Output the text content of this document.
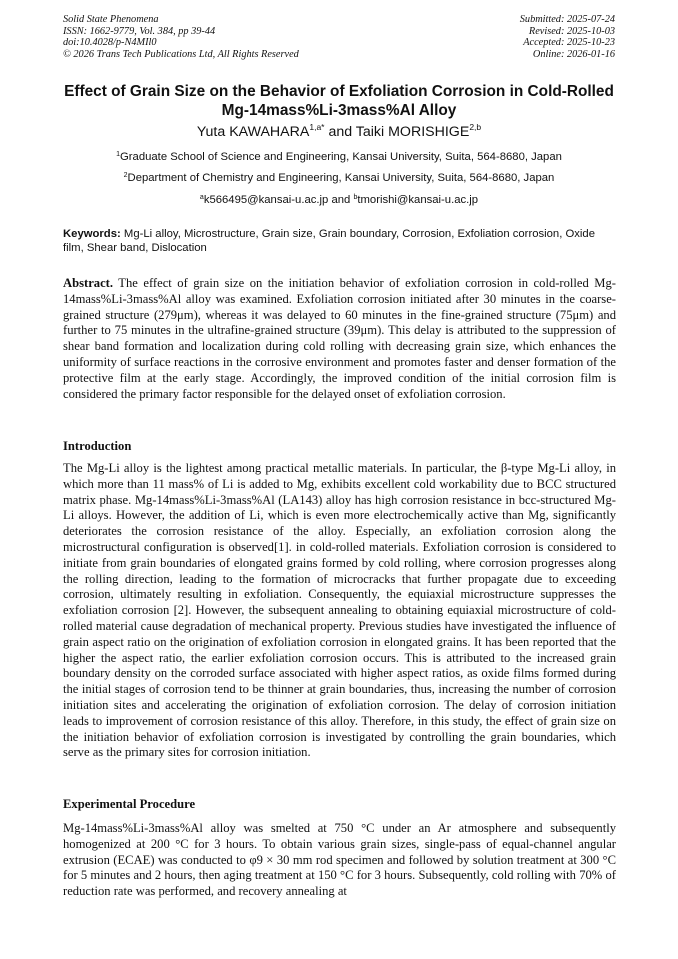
Solid State Phenomena
ISSN: 1662-9779, Vol. 384, pp 39-44
doi:10.4028/p-N4MIl0
© 2026 Trans Tech Publications Ltd, All Rights Reserved
Submitted: 2025-07-24
Revised: 2025-10-03
Accepted: 2025-10-23
Online: 2026-01-16
Effect of Grain Size on the Behavior of Exfoliation Corrosion in Cold-Rolled Mg-14mass%Li-3mass%Al Alloy
Yuta $KAWAHARA^{1,a*}$ and Taiki MORISHIGE$^{2,b}$
$^1$Graduate School of Science and Engineering, Kansai University, Suita, 564-8680, Japan
$^2$Department of Chemistry and Engineering, Kansai University, Suita, 564-8680, Japan
$^a$k566495@kansai-u.ac.jp and $^b$tmorishi@kansai-u.ac.jp
Keywords: Mg-Li alloy, Microstructure, Grain size, Grain boundary, Corrosion, Exfoliation corrosion, Oxide film, Shear band, Dislocation
Abstract. The effect of grain size on the initiation behavior of exfoliation corrosion in cold-rolled Mg-14mass%Li-3mass%Al alloy was examined. Exfoliation corrosion initiated after 30 minutes in the coarse-grained structure (279μm), whereas it was delayed to 60 minutes in the fine-grained structure (75μm) and further to 75 minutes in the ultrafine-grained structure (39μm). This delay is attributed to the suppression of shear band formation and localization during cold rolling with decreasing grain size, which enhances the uniformity of surface reactions in the corrosive environment and promotes faster and denser formation of the protective film at the early stage. Accordingly, the improved condition of the initial corrosion film is considered the primary factor responsible for the delayed onset of exfoliation corrosion.
Introduction
The Mg-Li alloy is the lightest among practical metallic materials. In particular, the β-type Mg-Li alloy, in which more than 11 mass% of Li is added to Mg, exhibits excellent cold workability due to BCC structured matrix phase. Mg-14mass%Li-3mass%Al (LA143) alloy has high corrosion resistance in bcc-structured Mg-Li alloys. However, the addition of Li, which is even more electrochemically active than Mg, significantly deteriorates the corrosion resistance of the alloy. Especially, an exfoliation corrosion along the microstructural configuration is observed[1]. in cold-rolled materials. Exfoliation corrosion is considered to initiate from grain boundaries of elongated grains formed by cold rolling, where corrosion progresses along the rolling direction, leading to the formation of microcracks that further propagate due to exceeding corrosion, ultimately resulting in exfoliation. Consequently, the equiaxial microstructure suppresses the exfoliation corrosion [2]. However, the subsequent annealing to obtaining equiaxial microstructure of cold-rolled material cause degradation of mechanical property. Previous studies have investigated the influence of grain aspect ratio on the origination of exfoliation corrosion in elongated grains. It has been reported that the higher the aspect ratio, the earlier exfoliation corrosion occurs. This is attributed to the increased grain boundary density on the corroded surface associated with higher aspect ratios, as oxide films formed during the initial stages of corrosion tend to be thinner at grain boundaries, thus, increasing the number of corrosion initiation sites and accelerating the origination of exfoliation corrosion. The delay of corrosion initiation leads to improvement of corrosion resistance of this alloy. Therefore, in this study, the effect of grain size on the initiation behavior of exfoliation corrosion is investigated by controlling the grain boundaries, which serve as the primary sites for corrosion initiation.
Experimental Procedure
Mg-14mass%Li-3mass%Al alloy was smelted at 750 °C under an Ar atmosphere and subsequently homogenized at 200 °C for 3 hours. To obtain various grain sizes, single-pass of equal-channel angular extrusion (ECAE) was conducted to φ9 × 30 mm rod specimen and followed by solution treatment at 300 °C for 5 minutes and 2 hours, then aging treatment at 150 °C for 3 hours. Subsequently, cold rolling with 70% of reduction rate was performed, and recovery annealing at
